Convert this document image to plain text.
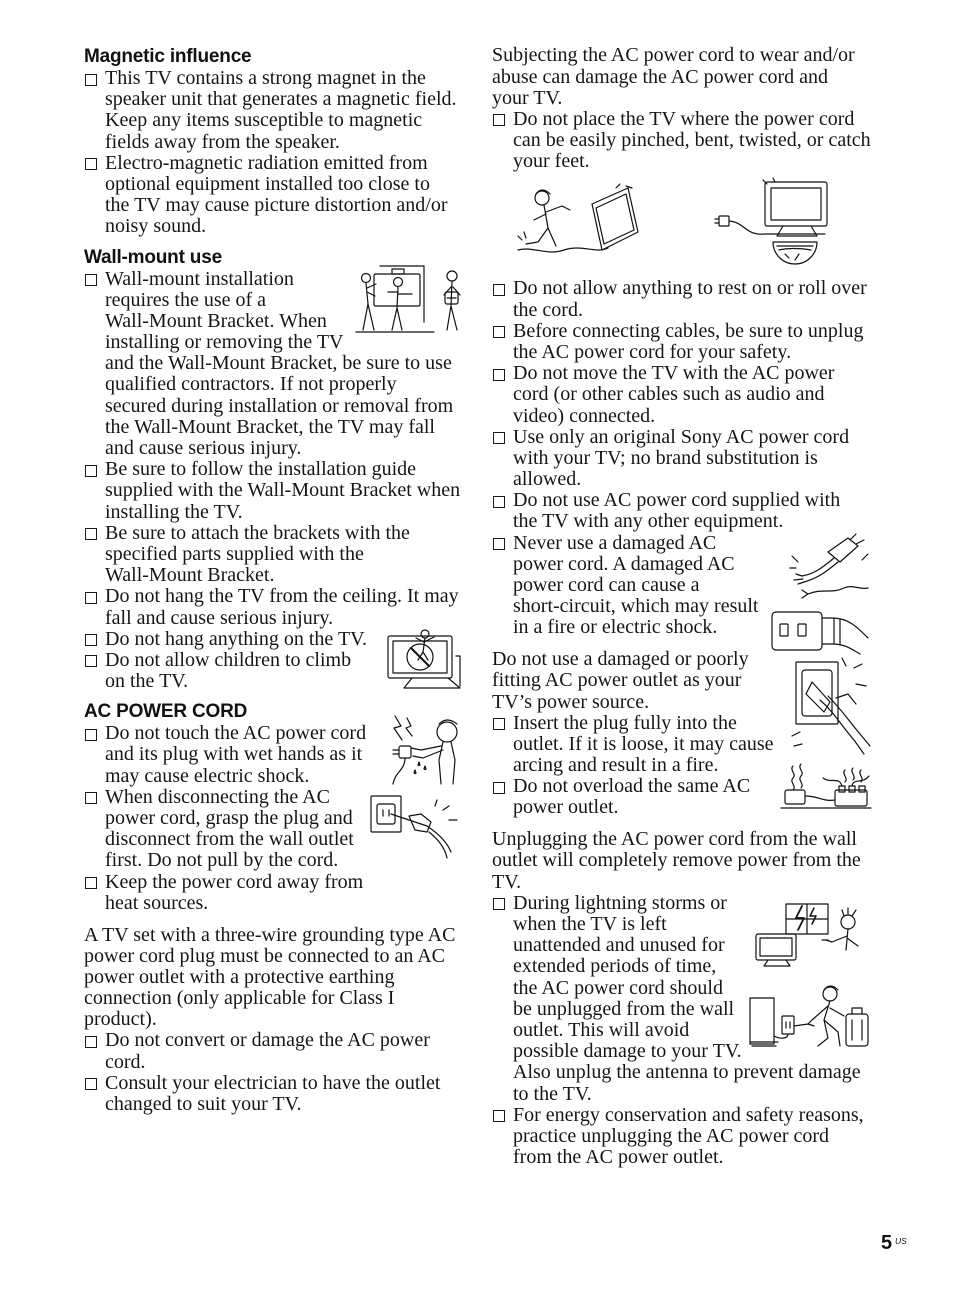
Magnetic influence
This TV contains a strong magnet in the
speaker unit that generates a magnetic field.
Keep any items susceptible to magnetic
fields away from the speaker.
Electro-magnetic radiation emitted from
optional equipment installed too close to
the TV may cause picture distortion and/or
noisy sound.
Wall-mount use
Wall-mount installation
requires the use of a
Wall-Mount Bracket. When
installing or removing the TV
and the Wall-Mount Bracket, be sure to use
qualified contractors. If not properly
secured during installation or removal from
the Wall-Mount Bracket, the TV may fall
and cause serious injury.
Be sure to follow the installation guide
supplied with the Wall-Mount Bracket when
installing the TV.
Be sure to attach the brackets with the
specified parts supplied with the
Wall-Mount Bracket.
Do not hang the TV from the ceiling. It may
fall and cause serious injury.
Do not hang anything on the TV.
Do not allow children to climb
on the TV.
AC POWER CORD
Do not touch the AC power cord
and its plug with wet hands as it
may cause electric shock.
When disconnecting the AC
power cord, grasp the plug and
disconnect from the wall outlet
first. Do not pull by the cord.
Keep the power cord away from
heat sources.
A TV set with a three-wire grounding type AC
power cord plug must be connected to an AC
power outlet with a protective earthing
connection (only applicable for Class I
product).
Do not convert or damage the AC power
cord.
Consult your electrician to have the outlet
changed to suit your TV.
Subjecting the AC power cord to wear and/or
abuse can damage the AC power cord and
your TV.
Do not place the TV where the power cord
can be easily pinched, bent, twisted, or catch
your feet.
Do not allow anything to rest on or roll over
the cord.
Before connecting cables, be sure to unplug
the AC power cord for your safety.
Do not move the TV with the AC power
cord (or other cables such as audio and
video) connected.
Use only an original Sony AC power cord
with your TV; no brand substitution is
allowed.
Do not use AC power cord supplied with
the TV with any other equipment.
Never use a damaged AC
power cord. A damaged AC
power cord can cause a
short-circuit, which may result
in a fire or electric shock.
Do not use a damaged or poorly
fitting AC power outlet as your
TV’s power source.
Insert the plug fully into the
outlet. If it is loose, it may cause
arcing and result in a fire.
Do not overload the same AC
power outlet.
Unplugging the AC power cord from the wall
outlet will completely remove power from the
TV.
During lightning storms or
when the TV is left
unattended and unused for
extended periods of time,
the AC power cord should
be unplugged from the wall
outlet. This will avoid
possible damage to your TV.
Also unplug the antenna to prevent damage
to the TV.
For energy conservation and safety reasons,
practice unplugging the AC power cord
from the AC power outlet.
5 US
